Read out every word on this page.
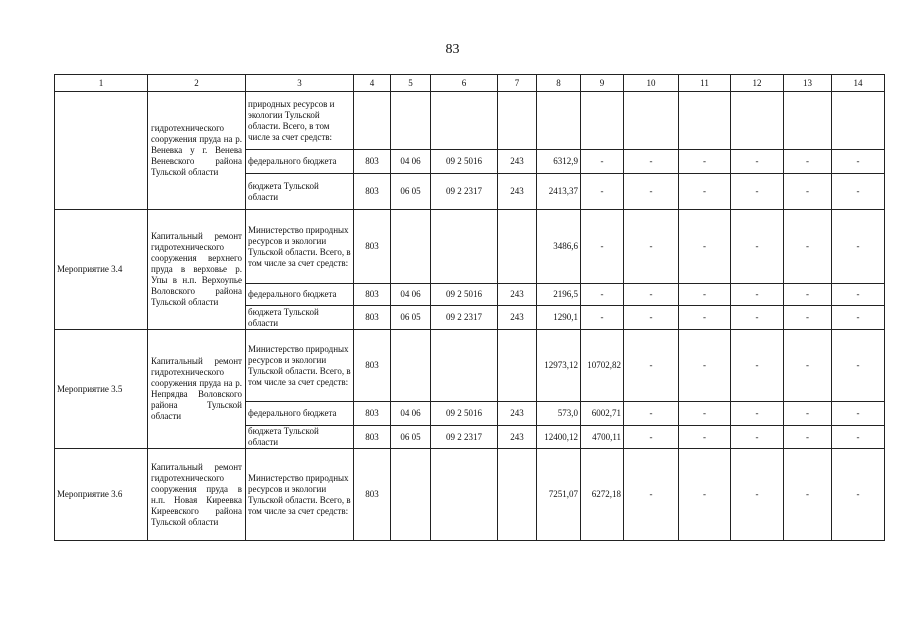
83
1	2	3	4	5	6	7	8	9	10	11	12	13	14
	гидротехнического сооружения пруда на р. Веневка у г. Венева Веневского района Тульской области	природных ресурсов и экологии Тульской области. Всего, в том числе за счет средств:											
		федерального бюджета	803	04 06	09 2 5016	243	6312,9	-	-	-	-	-	-
		бюджета Тульской области	803	06 05	09 2 2317	243	2413,37	-	-	-	-	-	-
Мероприятие 3.4	Капитальный ремонт гидротехнического сооружения верхнего пруда в верховье р. Упы в н.п. Верхоупье Воловского района Тульской области	Министерство природных ресурсов и экологии Тульской области. Всего, в том числе за счет средств:	803				3486,6	-	-	-	-	-	-
		федерального бюджета	803	04 06	09 2 5016	243	2196,5	-	-	-	-	-	-
		бюджета Тульской области	803	06 05	09 2 2317	243	1290,1	-	-	-	-	-	-
Мероприятие 3.5	Капитальный ремонт гидротехнического сооружения пруда на р. Непрядва Воловского района Тульской области	Министерство природных ресурсов и экологии Тульской области. Всего, в том числе за счет средств:	803				12973,12	10702,82	-	-	-	-	-
		федерального бюджета	803	04 06	09 2 5016	243	573,0	6002,71	-	-	-	-	-
		бюджета Тульской области	803	06 05	09 2 2317	243	12400,12	4700,11	-	-	-	-	-
Мероприятие 3.6	Капитальный ремонт гидротехнического сооружения пруда в н.п. Новая Киреевка Киреевского района Тульской области	Министерство природных ресурсов и экологии Тульской области. Всего, в том числе за счет средств:	803				7251,07	6272,18	-	-	-	-	-
